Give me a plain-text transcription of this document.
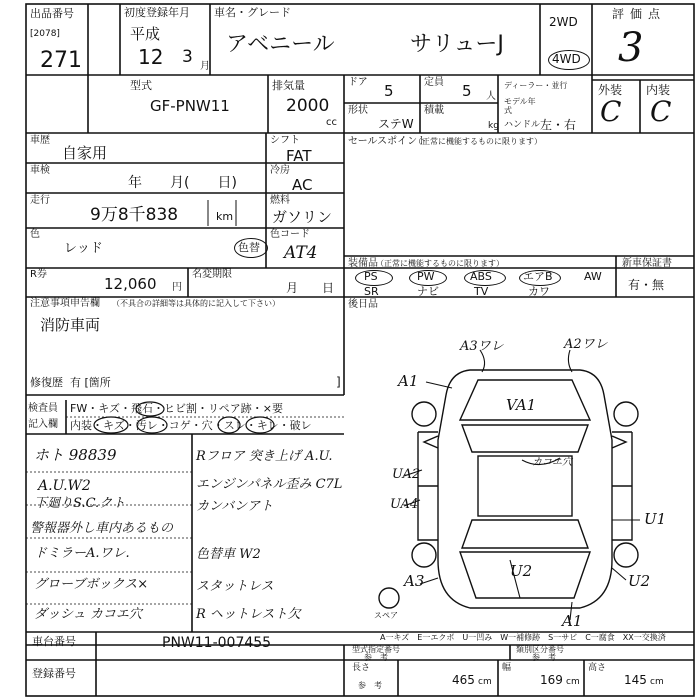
出品番号
[2078]
271
初度登録年月
平成
12 3 月
車名・グレード
アベニール	サリューJ
2WD
4WD
評価点
3
外装 内装
C C
型式
GF-PNW11
排気量
2000
cc
ドア 5	定員 5 人
形状
ステW
積載
kg
ディーラー・並行
モデル年式
ハンドル 左・右
車歴
自家用
シフト
FAT
車検
年　　月(　　日)
冷房
AC
走行
9万8千838	km
燃料
ガソリン
色
レッド	色替
色コード
AT4
セールスポイント
（正常に機能するものに限ります）
R券
12,060 円
名変期限
月　　日
注意事項申告欄 （不具合の詳細等は具体的に記入して下さい）
消防車両
修復歴 有 [箇所	]
装備品
（正常に機能するものに限ります）	新車保証書
有・無
PS	PW	ABS	エアB	AW
SR	ナビ	TV	カワ
後日品
検査員
記入欄
FW・キズ・飛石・ヒビ割・リペア跡・×要
内装・キズ・汚レ・コゲ・穴・スレ・キレ・破レ
ホト 98839	Rフロア 突き上げ A.U.
A.U.W2	エンジンパネル歪み C7L
下廻りS.C.クト	カンバンアト
警報器外し車内あるもの
ドミラーA.ワレ.	色替車 W2
グローブボックス×	スタットレス
ダッシュ カコエ穴	R ヘットレスト欠
A3ワレ	A2ワレ
A1
VA1
カコエ穴
UA2
UA4
U1
U2
A3	U2
A1
スペア
A一キズ　E一エクボ　U一凹み　W一補修跡　S一サビ　C一腐食　XX一交換済
車台番号	PNW11-007455
登録番号
型式指定番号
参　考
類別区分番号
参　考
長さ
参　考	465 cm
幅
169 cm
高さ
145 cm
